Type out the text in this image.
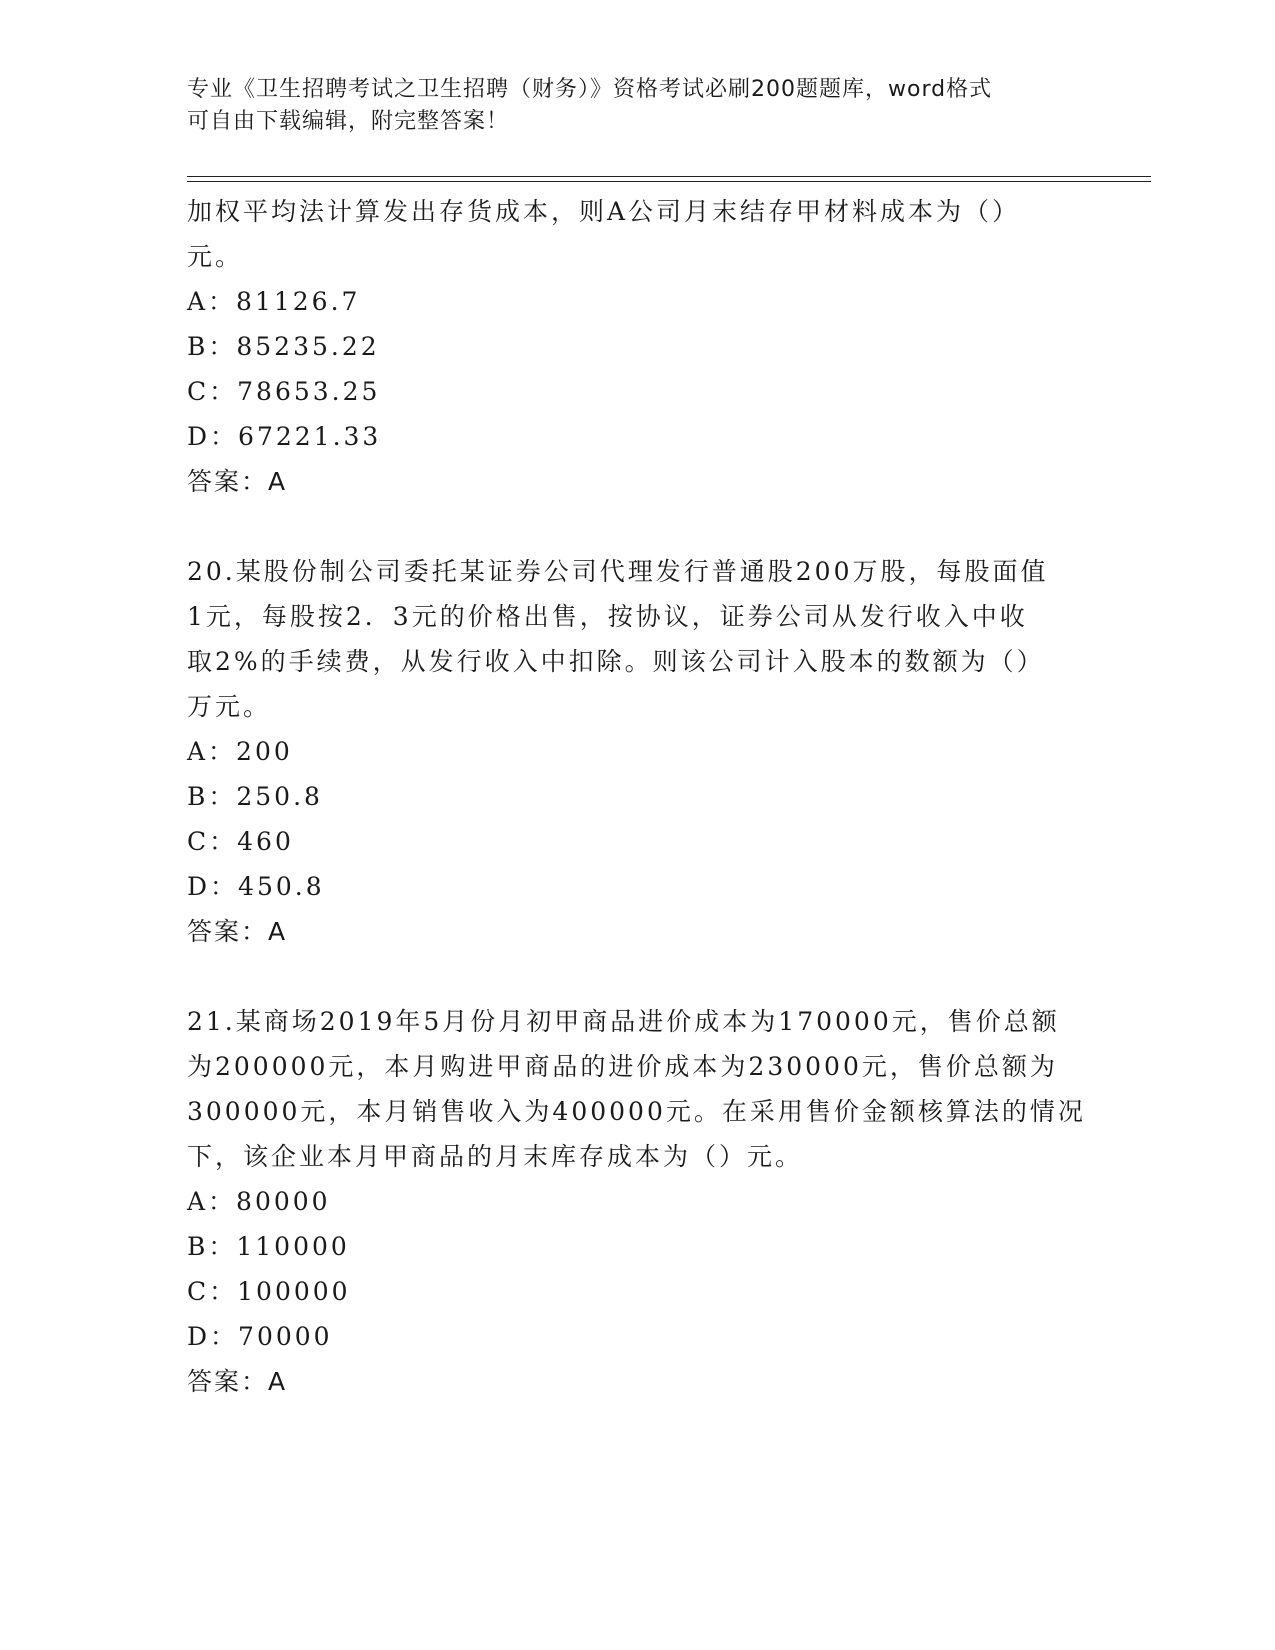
专业《卫生招聘考试之卫生招聘（财务）》资格考试必刷200题题库，word格式
可自由下载编辑，附完整答案！
加权平均法计算发出存货成本，则A公司月末结存甲材料成本为（）
元。
A：81126.7
B：85235.22
C：78653.25
D：67221.33
答案：A
20.某股份制公司委托某证券公司代理发行普通股200万股，每股面值
1元，每股按2．3元的价格出售，按协议，证券公司从发行收入中收
取2%的手续费，从发行收入中扣除。则该公司计入股本的数额为（）
万元。
A：200
B：250.8
C：460
D：450.8
答案：A
21.某商场2019年5月份月初甲商品进价成本为170000元，售价总额
为200000元，本月购进甲商品的进价成本为230000元，售价总额为
300000元，本月销售收入为400000元。在采用售价金额核算法的情况
下，该企业本月甲商品的月末库存成本为（）元。
A：80000
B：110000
C：100000
D：70000
答案：A
